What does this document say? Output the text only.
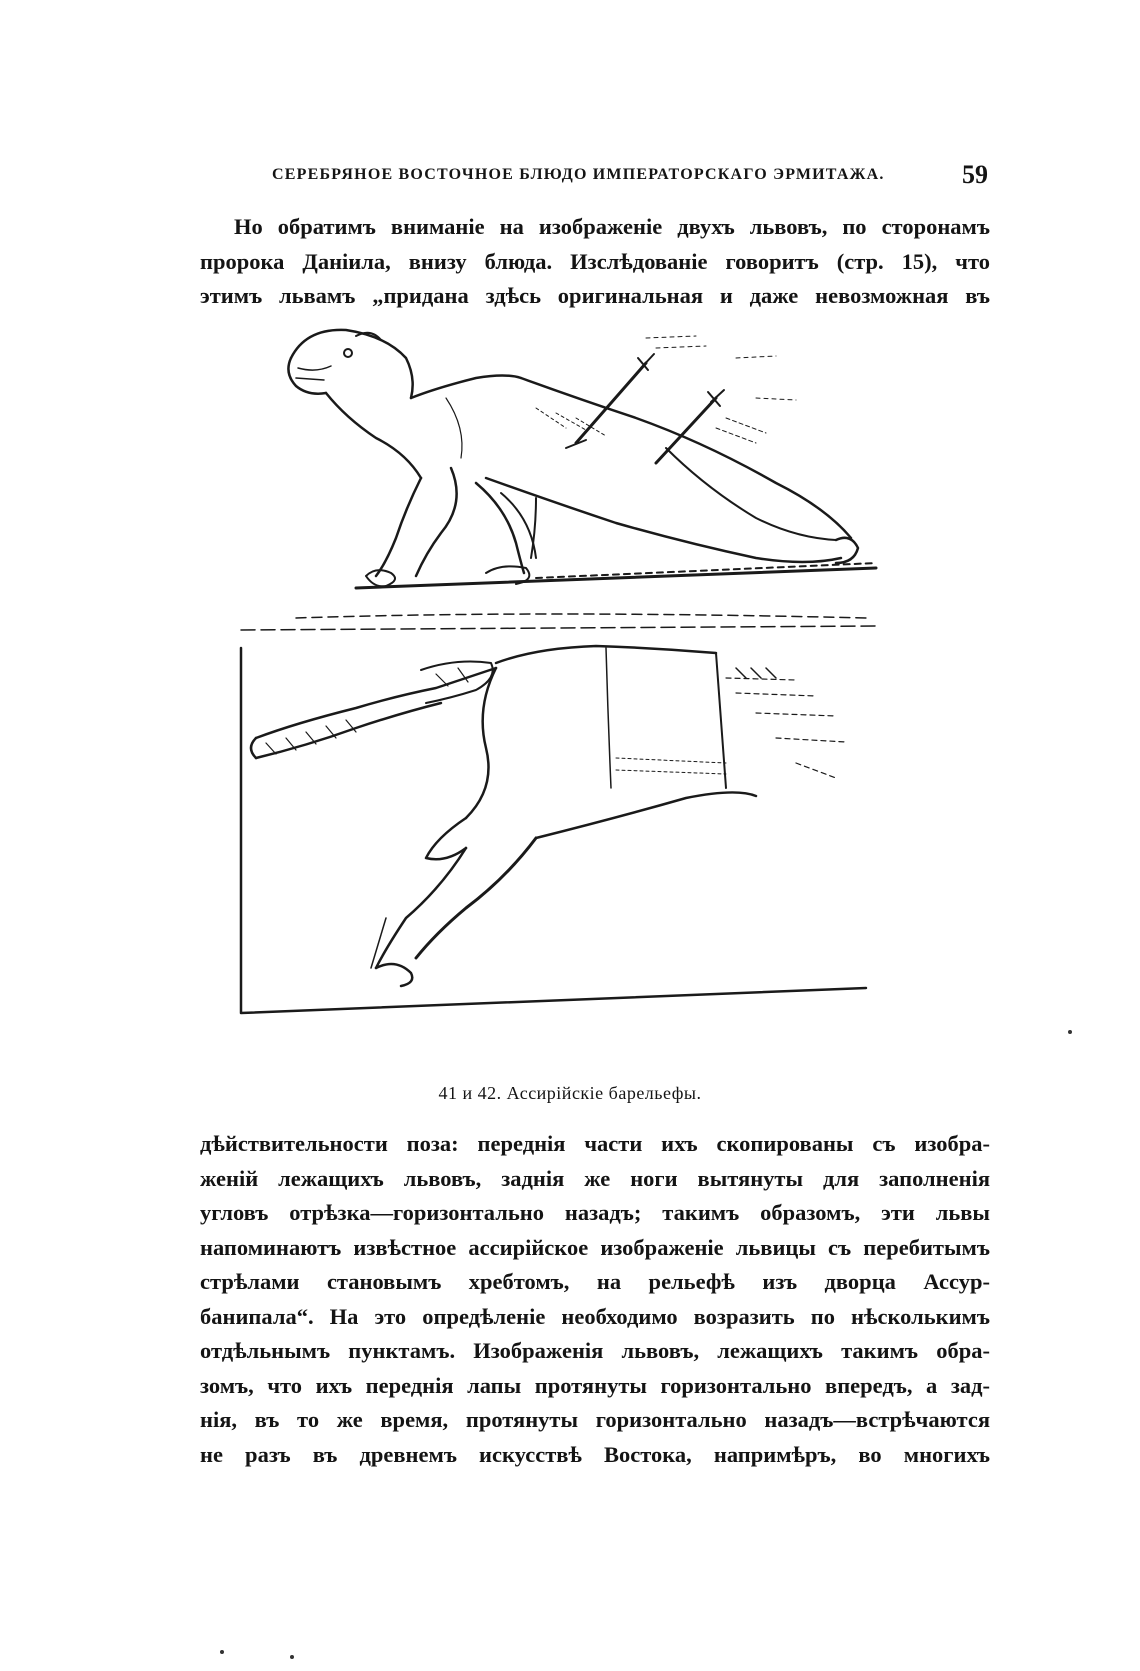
СЕРЕБРЯНОЕ ВОСТОЧНОЕ БЛЮДО ИМПЕРАТОРСКАГО ЭРМИТАЖА.	59
Но обратимъ вниманіе на изображеніе двухъ львовъ, по сторонамъ
пророка Даніила, внизу блюда. Изслѣдованіе говоритъ (стр. 15), что
этимъ львамъ „придана здѣсь оригинальная и даже невозможная въ
41 и 42. Ассирійскіе барельефы.
дѣйствительности поза: переднія части ихъ скопированы съ изобра-
женій лежащихъ львовъ, заднія же ноги вытянуты для заполненія
угловъ отрѣзка—горизонтально назадъ; такимъ образомъ, эти львы
напоминаютъ извѣстное ассирійское изображеніе львицы съ перебитымъ стрѣлами становымъ хребтомъ, на рельефѣ изъ дворца Ассур-
банипала“. На это опредѣленіе необходимо возразить по нѣсколькимъ
отдѣльнымъ пунктамъ. Изображенія львовъ, лежащихъ такимъ обра-
зомъ, что ихъ переднія лапы протянуты горизонтально впередъ, а зад-
нія, въ то же время, протянуты горизонтально назадъ—встрѣчаются
не разъ въ древнемъ искусствѣ Востока, напримѣръ, во многихъ
